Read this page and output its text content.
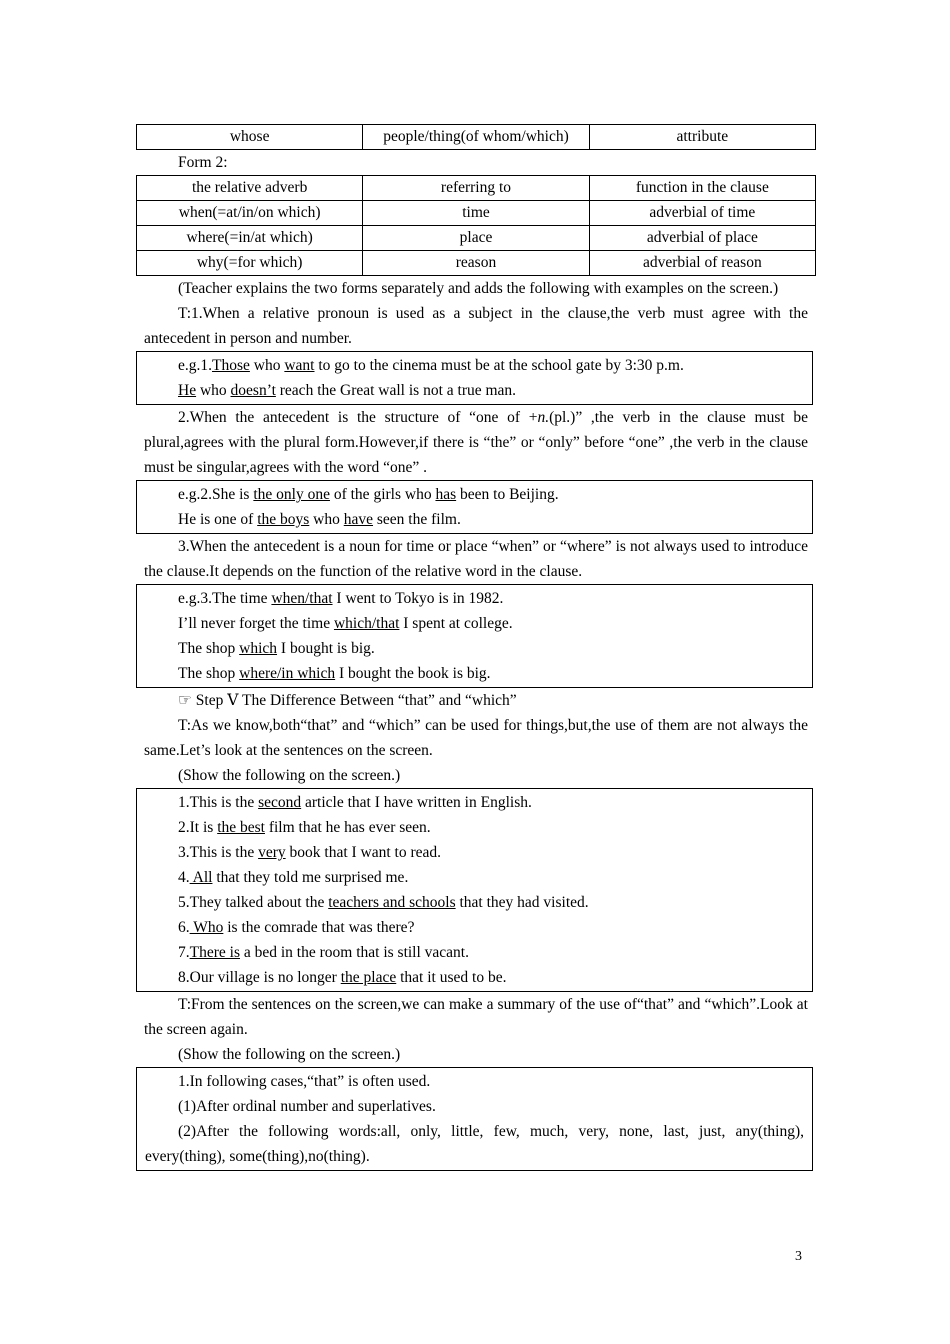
whose	people/thing(of whom/which)	attribute

Form 2:

the relative adverb	referring to	function in the clause
when(=at/in/on which)	time	adverbial of time
where(=in/at which)	place	adverbial of place
why(=for which)	reason	adverbial of reason

(Teacher explains the two forms separately and adds the following with examples on the screen.)

T:1.When a relative pronoun is used as a subject in the clause,the verb must agree with the antecedent in person and number.

e.g.1.Those who want to go to the cinema must be at the school gate by 3:30 p.m.

He who doesn’t reach the Great wall is not a true man.

2.When the antecedent is the structure of “one of +n.(pl.)” ,the verb in the clause must be plural,agrees with the plural form.However,if there is “the” or “only” before “one” ,the verb in the clause must be singular,agrees with the word “one” .

e.g.2.She is the only one of the girls who has been to Beijing.

He is one of the boys who have seen the film.

3.When the antecedent is a noun for time or place “when” or “where” is not always used to introduce the clause.It depends on the function of the relative word in the clause.

e.g.3.The time when/that I went to Tokyo is in 1982.

I’ll never forget the time which/that I spent at college.

The shop which I bought is big.

The shop where/in which I bought the book is big.

☞ Step Ⅴ The Difference Between “that” and “which”

T:As we know,both“that” and “which” can be used for things,but,the use of them are not always the same.Let’s look at the sentences on the screen.

(Show the following on the screen.)

1.This is the second article that I have written in English.

2.It is the best film that he has ever seen.

3.This is the very book that I want to read.

4. All that they told me surprised me.

5.They talked about the teachers and schools that they had visited.

6. Who is the comrade that was there?

7.There is a bed in the room that is still vacant.

8.Our village is no longer the place that it used to be.

T:From the sentences on the screen,we can make a summary of the use of“that” and “which”.Look at the screen again.

(Show the following on the screen.)

1.In following cases,“that” is often used.

(1)After ordinal number and superlatives.

(2)After the following words:all, only, little, few, much, very, none, last, just, any(thing), every(thing), some(thing),no(thing).

3
